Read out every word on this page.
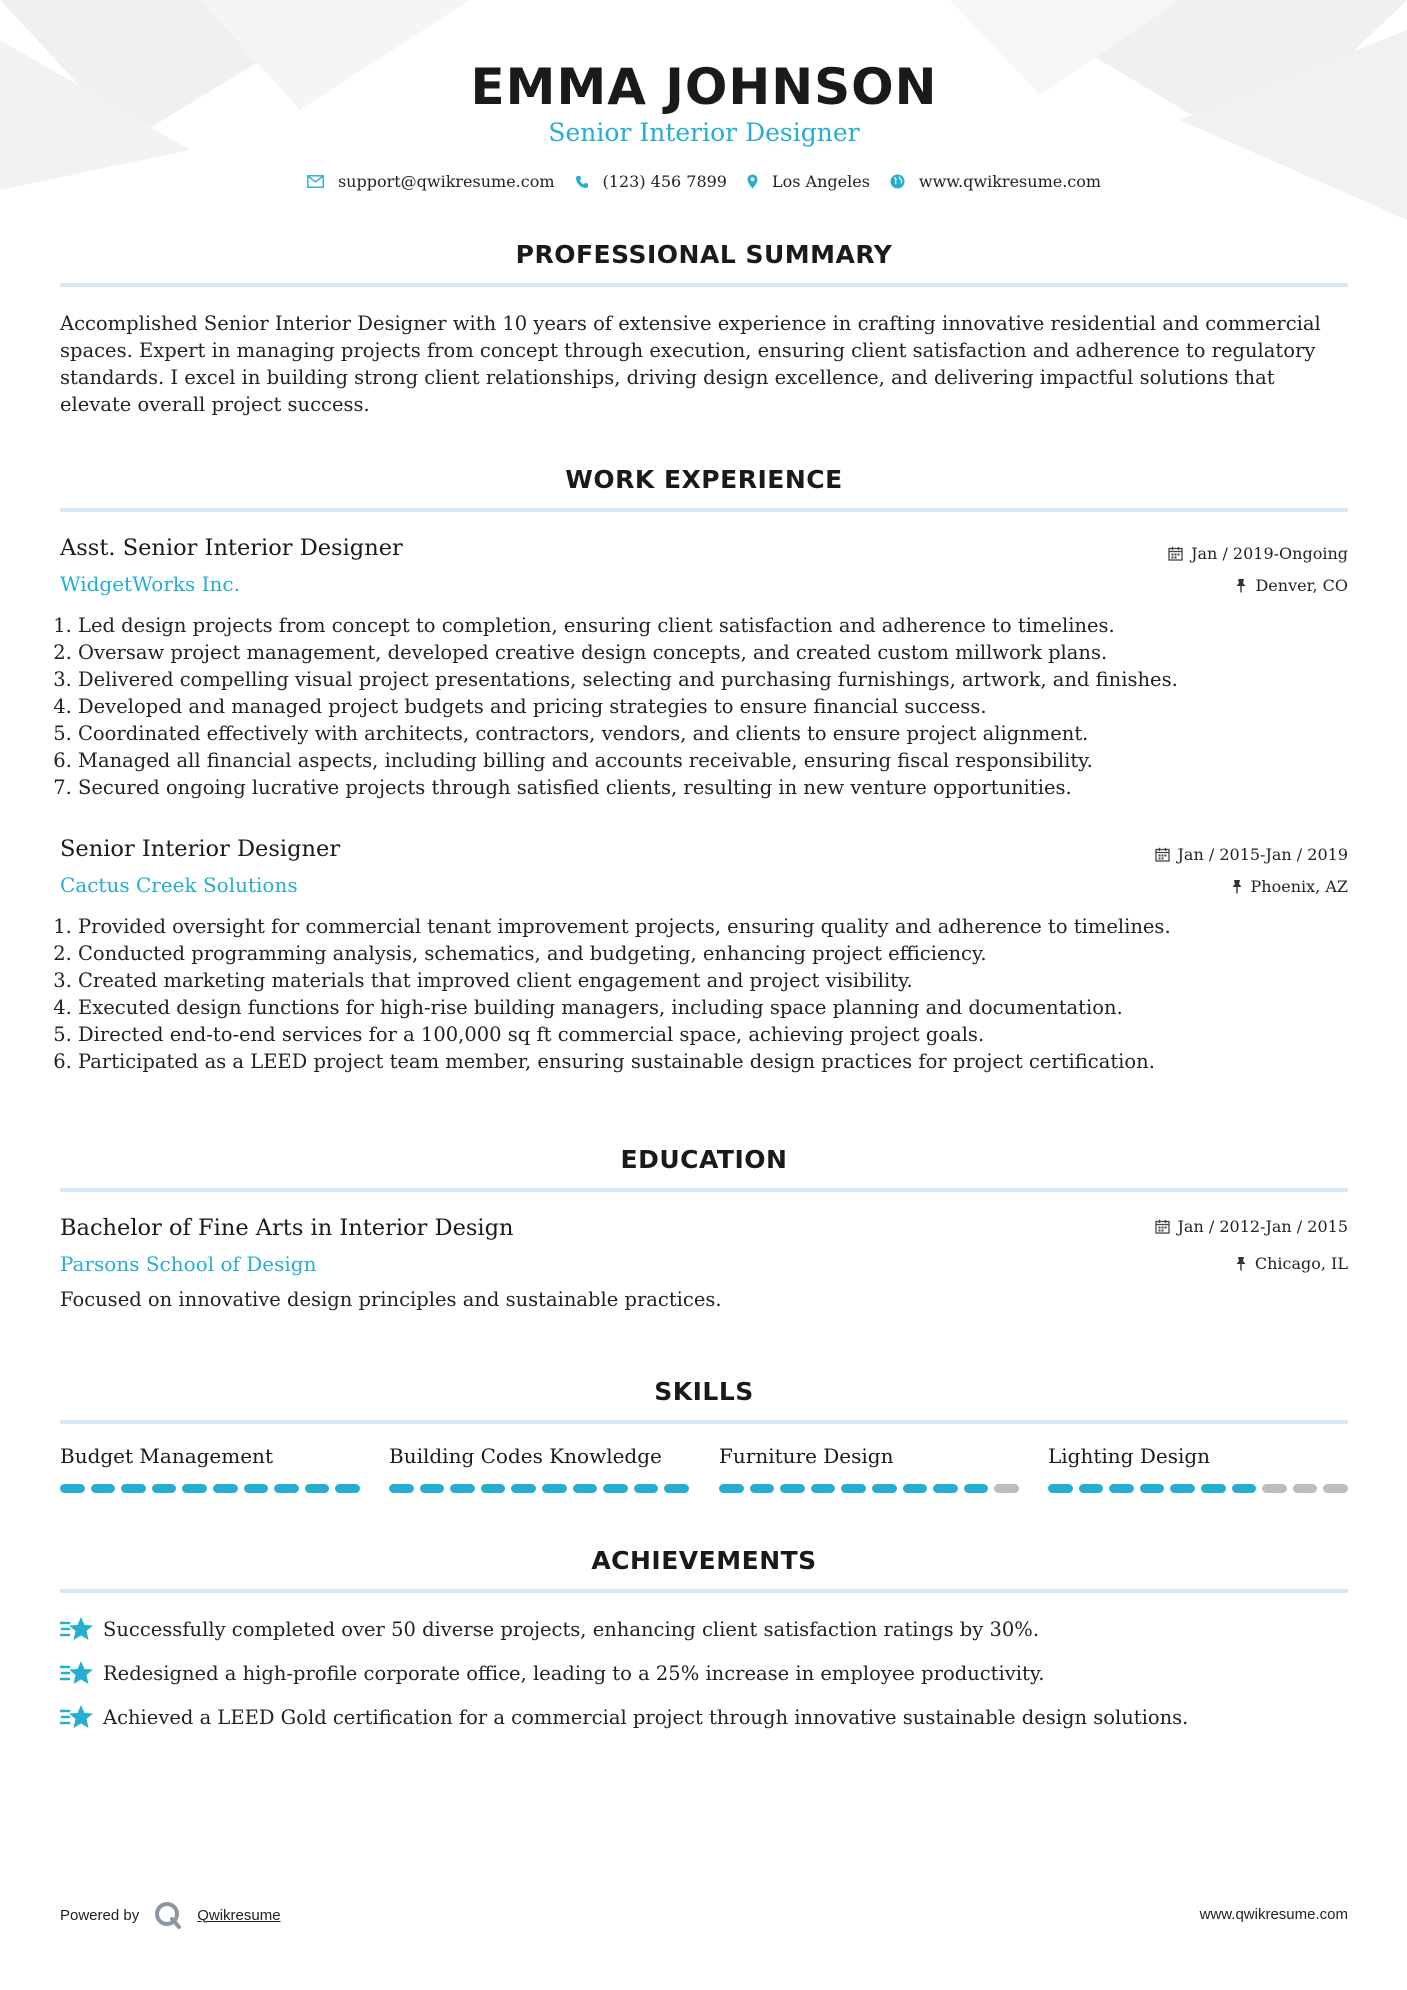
EMMA JOHNSON
Senior Interior Designer
support@qwikresume.com	(123) 456 7899	Los Angeles	www.qwikresume.com
PROFESSIONAL SUMMARY
Accomplished Senior Interior Designer with 10 years of extensive experience in crafting innovative residential and commercial spaces. Expert in managing projects from concept through execution, ensuring client satisfaction and adherence to regulatory standards. I excel in building strong client relationships, driving design excellence, and delivering impactful solutions that elevate overall project success.
WORK EXPERIENCE
Asst. Senior Interior Designer
WidgetWorks Inc.
Jan / 2019-Ongoing
Denver, CO
1. Led design projects from concept to completion, ensuring client satisfaction and adherence to timelines.
2. Oversaw project management, developed creative design concepts, and created custom millwork plans.
3. Delivered compelling visual project presentations, selecting and purchasing furnishings, artwork, and finishes.
4. Developed and managed project budgets and pricing strategies to ensure financial success.
5. Coordinated effectively with architects, contractors, vendors, and clients to ensure project alignment.
6. Managed all financial aspects, including billing and accounts receivable, ensuring fiscal responsibility.
7. Secured ongoing lucrative projects through satisfied clients, resulting in new venture opportunities.
Senior Interior Designer
Cactus Creek Solutions
Jan / 2015-Jan / 2019
Phoenix, AZ
1. Provided oversight for commercial tenant improvement projects, ensuring quality and adherence to timelines.
2. Conducted programming analysis, schematics, and budgeting, enhancing project efficiency.
3. Created marketing materials that improved client engagement and project visibility.
4. Executed design functions for high-rise building managers, including space planning and documentation.
5. Directed end-to-end services for a 100,000 sq ft commercial space, achieving project goals.
6. Participated as a LEED project team member, ensuring sustainable design practices for project certification.
EDUCATION
Bachelor of Fine Arts in Interior Design
Parsons School of Design
Jan / 2012-Jan / 2015
Chicago, IL
Focused on innovative design principles and sustainable practices.
SKILLS
Budget Management	Building Codes Knowledge	Furniture Design	Lighting Design
ACHIEVEMENTS
Successfully completed over 50 diverse projects, enhancing client satisfaction ratings by 30%.
Redesigned a high-profile corporate office, leading to a 25% increase in employee productivity.
Achieved a LEED Gold certification for a commercial project through innovative sustainable design solutions.
Powered by	Qwikresume	www.qwikresume.com
